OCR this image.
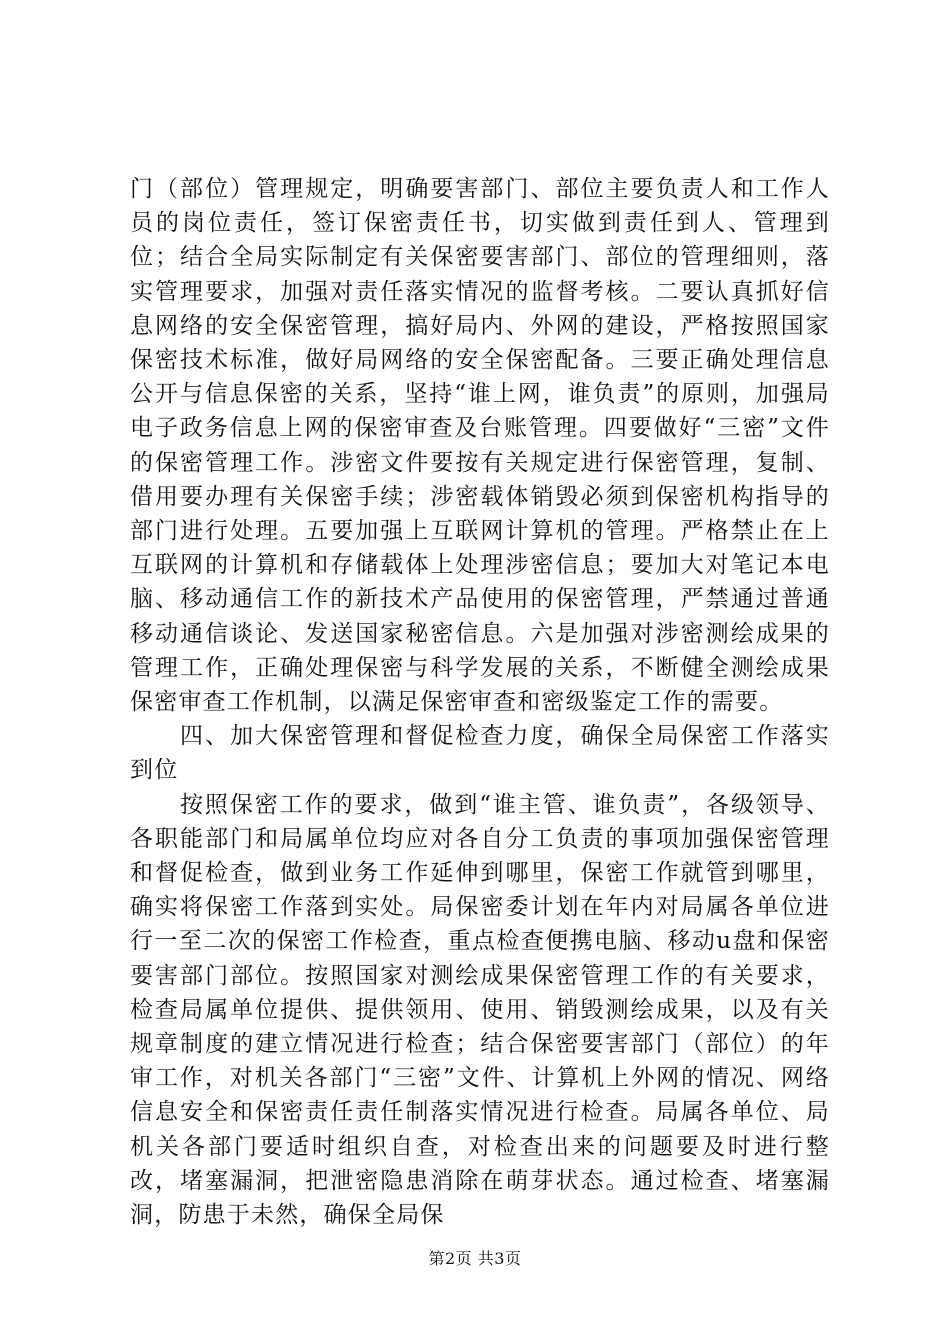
门（部位）管理规定，明确要害部门、部位主要负责人和工作人员的岗位责任，签订保密责任书，切实做到责任到人、管理到位；结合全局实际制定有关保密要害部门、部位的管理细则，落实管理要求，加强对责任落实情况的监督考核。二要认真抓好信息网络的安全保密管理，搞好局内、外网的建设，严格按照国家保密技术标准，做好局网络的安全保密配备。三要正确处理信息公开与信息保密的关系，坚持“谁上网，谁负责”的原则，加强局电子政务信息上网的保密审查及台账管理。四要做好“三密”文件的保密管理工作。涉密文件要按有关规定进行保密管理，复制、借用要办理有关保密手续；涉密载体销毁必须到保密机构指导的部门进行处理。五要加强上互联网计算机的管理。严格禁止在上互联网的计算机和存储载体上处理涉密信息；要加大对笔记本电脑、移动通信工作的新技术产品使用的保密管理，严禁通过普通移动通信谈论、发送国家秘密信息。六是加强对涉密测绘成果的管理工作，正确处理保密与科学发展的关系，不断健全测绘成果保密审查工作机制，以满足保密审查和密级鉴定工作的需要。

四、加大保密管理和督促检查力度，确保全局保密工作落实到位

按照保密工作的要求，做到“谁主管、谁负责”，各级领导、各职能部门和局属单位均应对各自分工负责的事项加强保密管理和督促检查，做到业务工作延伸到哪里，保密工作就管到哪里，确实将保密工作落到实处。局保密委计划在年内对局属各单位进行一至二次的保密工作检查，重点检查便携电脑、移动u盘和保密要害部门部位。按照国家对测绘成果保密管理工作的有关要求，检查局属单位提供、提供领用、使用、销毁测绘成果，以及有关规章制度的建立情况进行检查；结合保密要害部门（部位）的年审工作，对机关各部门“三密”文件、计算机上外网的情况、网络信息安全和保密责任责任制落实情况进行检查。局属各单位、局机关各部门要适时组织自查，对检查出来的问题要及时进行整改，堵塞漏洞，把泄密隐患消除在萌芽状态。通过检查、堵塞漏洞，防患于未然，确保全局保

第2页 共3页
